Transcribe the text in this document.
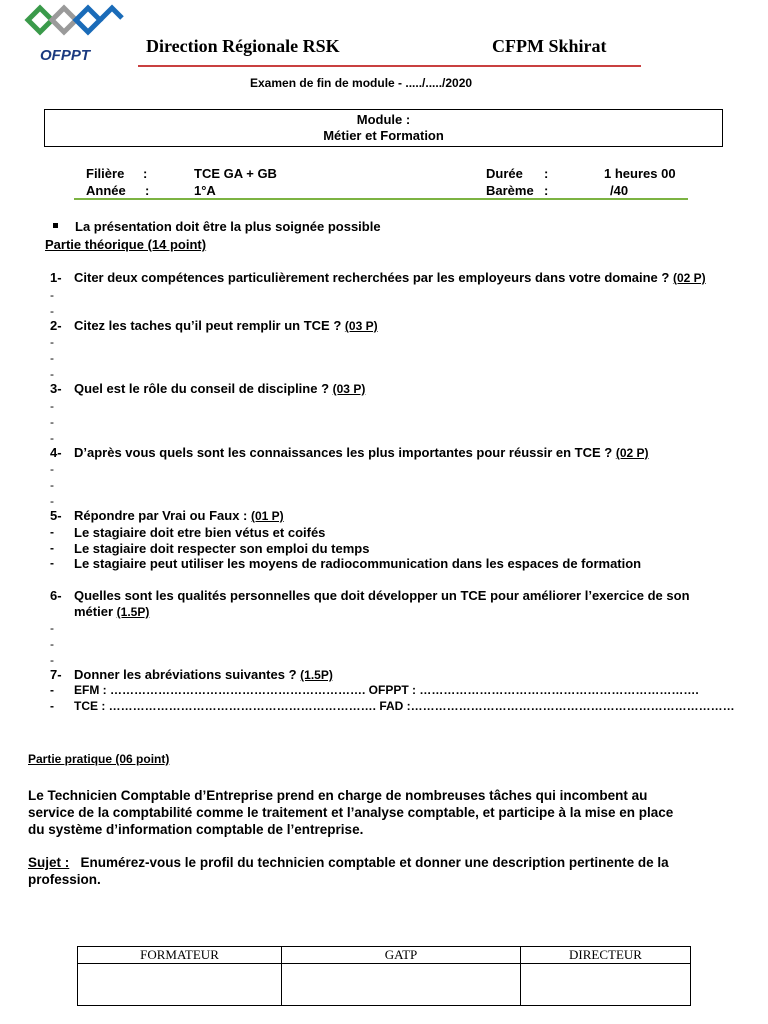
OFPPT	Direction Régionale RSK	CFPM Skhirat
Examen de fin de module - ...../...../2020
Module :
Métier et Formation
Filière :	TCE GA + GB
Année :	1°A
Durée :	1 heures 00
Barème :	/40
La présentation doit être la plus soignée possible
Partie théorique (14 point)
1- Citer deux compétences particulièrement recherchées par les employeurs dans votre domaine ? (02 P)
-
-
2- Citez les taches qu’il peut remplir un TCE ? (03 P)
-
-
-
3- Quel est le rôle du conseil de discipline ? (03 P)
-
-
-
4- D’après vous quels sont les connaissances les plus importantes pour réussir en TCE ? (02 P)
-
-
-
5- Répondre par Vrai ou Faux : (01 P)
- Le stagiaire doit etre bien vétus et coifés
- Le stagiaire doit respecter son emploi du temps
- Le stagiaire peut utiliser les moyens de radiocommunication dans les espaces de formation
6- Quelles sont les qualités personnelles que doit développer un TCE pour améliorer l’exercice de son
métier (1.5P)
-
-
-
7- Donner les abréviations suivantes ? (1.5P)
- EFM : ………………………………………………………. OFPPT : …………………………………………………………….
- TCE : …………………………………………………………. FAD :………………………………………………………………………
Partie pratique (06 point)
Le Technicien Comptable d’Entreprise prend en charge de nombreuses tâches qui incombent au
service de la comptabilité comme le traitement et l’analyse comptable, et participe à la mise en place
du système d’information comptable de l’entreprise.
Sujet : Enumérez-vous le profil du technicien comptable et donner une description pertinente de la
profession.
FORMATEUR	GATP	DIRECTEUR
